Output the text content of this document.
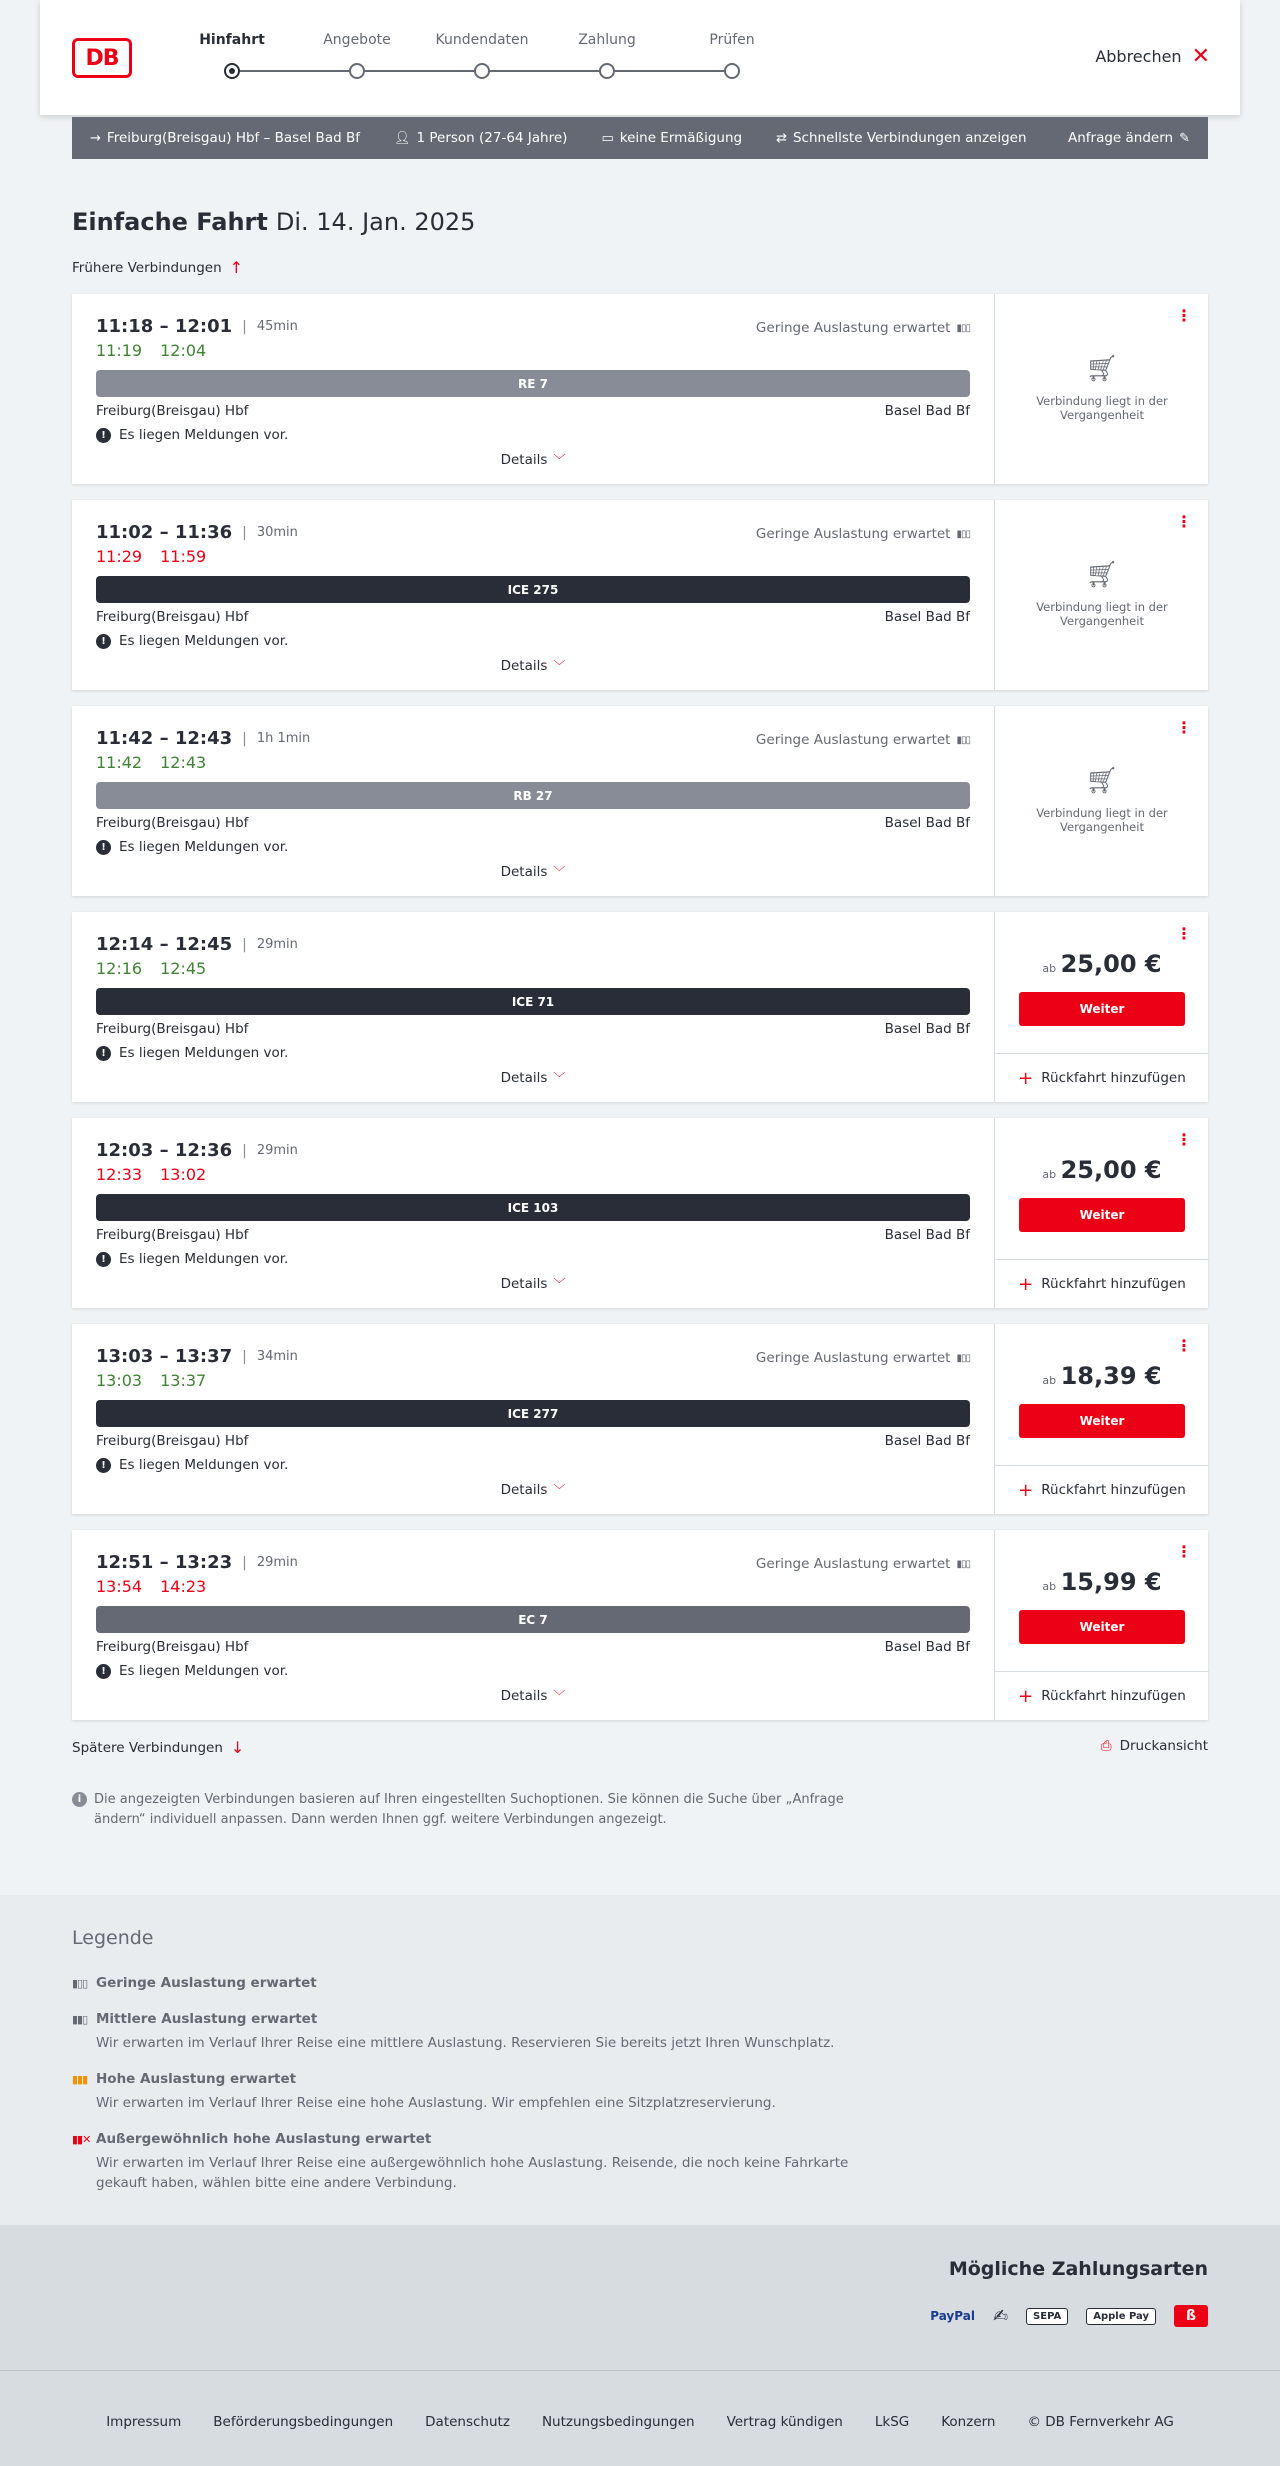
DB
Hinfahrt	Angebote	Kundendaten	Zahlung	Prüfen
Abbrechen ✕
→ Freiburg(Breisgau) Hbf – Basel Bad Bf	👤︎ 1 Person (27-64 Jahre)	▭ keine Ermäßigung	⇄ Schnellste Verbindungen anzeigen	Anfrage ändern ✎
Einfache Fahrt Di. 14. Jan. 2025
Frühere Verbindungen ↑
11:18 – 12:01 | 45min
11:19 12:04
Geringe Auslastung erwartet ▮▯▯
RE 7
Freiburg(Breisgau) Hbf	Basel Bad Bf
! Es liegen Meldungen vor.
Details ﹀
⋮
🛒︎
Verbindung liegt in der Vergangenheit
11:02 – 11:36 | 30min
11:29 11:59
Geringe Auslastung erwartet ▮▯▯
ICE 275
Freiburg(Breisgau) Hbf	Basel Bad Bf
! Es liegen Meldungen vor.
Details ﹀
⋮
🛒︎
Verbindung liegt in der Vergangenheit
11:42 – 12:43 | 1h 1min
11:42 12:43
Geringe Auslastung erwartet ▮▯▯
RB 27
Freiburg(Breisgau) Hbf	Basel Bad Bf
! Es liegen Meldungen vor.
Details ﹀
⋮
🛒︎
Verbindung liegt in der Vergangenheit
12:14 – 12:45 | 29min
12:16 12:45
ICE 71
Freiburg(Breisgau) Hbf	Basel Bad Bf
! Es liegen Meldungen vor.
Details ﹀
⋮
ab 25,00 €
Weiter
+ Rückfahrt hinzufügen
12:03 – 12:36 | 29min
12:33 13:02
ICE 103
Freiburg(Breisgau) Hbf	Basel Bad Bf
! Es liegen Meldungen vor.
Details ﹀
⋮
ab 25,00 €
Weiter
+ Rückfahrt hinzufügen
13:03 – 13:37 | 34min
13:03 13:37
Geringe Auslastung erwartet ▮▯▯
ICE 277
Freiburg(Breisgau) Hbf	Basel Bad Bf
! Es liegen Meldungen vor.
Details ﹀
⋮
ab 18,39 €
Weiter
+ Rückfahrt hinzufügen
12:51 – 13:23 | 29min
13:54 14:23
Geringe Auslastung erwartet ▮▯▯
EC 7
Freiburg(Breisgau) Hbf	Basel Bad Bf
! Es liegen Meldungen vor.
Details ﹀
⋮
ab 15,99 €
Weiter
+ Rückfahrt hinzufügen
Spätere Verbindungen ↓	⎙ Druckansicht
i Die angezeigten Verbindungen basieren auf Ihren eingestellten Suchoptionen. Sie können die Suche über „Anfrage ändern“ individuell anpassen. Dann werden Ihnen ggf. weitere Verbindungen angezeigt.
Legende
▮▯▯ Geringe Auslastung erwartet
▮▮▯ Mittlere Auslastung erwartet
Wir erwarten im Verlauf Ihrer Reise eine mittlere Auslastung. Reservieren Sie bereits jetzt Ihren Wunschplatz.
▮▮▮ Hohe Auslastung erwartet
Wir erwarten im Verlauf Ihrer Reise eine hohe Auslastung. Wir empfehlen eine Sitzplatzreservierung.
▮▮✕ Außergewöhnlich hohe Auslastung erwartet
Wir erwarten im Verlauf Ihrer Reise eine außergewöhnlich hohe Auslastung. Reisende, die noch keine Fahrkarte gekauft haben, wählen bitte eine andere Verbindung.
Mögliche Zahlungsarten
PayPal ✍	SEPA	Apple Pay	ß
Impressum Beförderungsbedingungen Datenschutz Nutzungsbedingungen Vertrag kündigen LkSG Konzern © DB Fernverkehr AG
